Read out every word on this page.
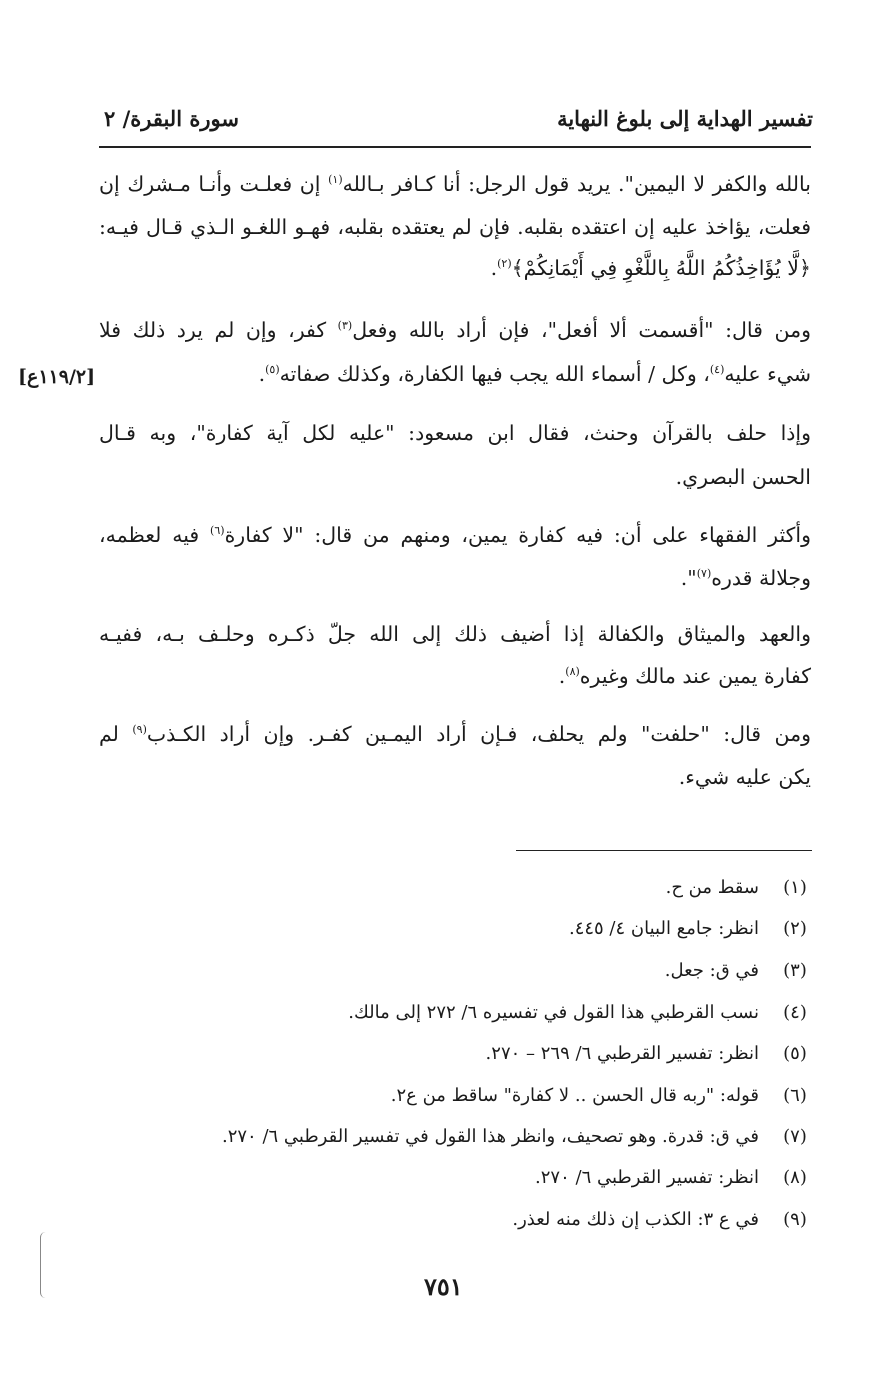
تفسير الهداية إلى بلوغ النهاية
سورة البقرة/ ٢
بالله والكفر لا اليمين". يريد قول الرجل: أنا كـافر بـالله$^{(١)}$ إن فعلـت وأنـا مـشرك إن
فعلت، يؤاخذ عليه إن اعتقده بقلبه. فإن لم يعتقده بقلبه، فهـو اللغـو الـذي قـال فيـه:
﴿لَّا يُؤَاخِذُكُمُ اللَّهُ بِاللَّغْوِ فِي أَيْمَانِكُمْ﴾$^{(٢)}$.
ومن قال: "أقسمت ألا أفعل"، فإن أراد بالله وفعل$^{(٣)}$ كفر، وإن لم يرد ذلك فلا
شيء عليه$^{(٤)}$، وكل / أسماء الله يجب فيها الكفارة، وكذلك صفاته$^{(٥)}$.
[١١٩/٢ع]
وإذا حلف بالقرآن وحنث، فقال ابن مسعود: "عليه لكل آية كفارة"، وبه قـال
الحسن البصري.
وأكثر الفقهاء على أن: فيه كفارة يمين، ومنهم من قال: "لا كفارة$^{(٦)}$ فيه لعظمه،
وجلالة قدره$^{(٧)}$".
والعهد والميثاق والكفالة إذا أضيف ذلك إلى الله جلّ ذكـره وحلـف بـه، ففيـه
كفارة يمين عند مالك وغيره$^{(٨)}$.
ومن قال: "حلفت" ولم يحلف، فـإن أراد اليمـين كفـر. وإن أراد الكـذب$^{(٩)}$ لم
يكن عليه شيء.
(١)
سقط من ح.
(٢)
انظر: جامع البيان ٤/ ٤٤٥.
(٣)
في ق: جعل.
(٤)
نسب القرطبي هذا القول في تفسيره ٦/ ٢٧٢ إلى مالك.
(٥)
انظر: تفسير القرطبي ٦/ ٢٦٩ – ٢٧٠.
(٦)
قوله: "ربه قال الحسن .. لا كفارة" ساقط من ع٢.
(٧)
في ق: قدرة. وهو تصحيف، وانظر هذا القول في تفسير القرطبي ٦/ ٢٧٠.
(٨)
انظر: تفسير القرطبي ٦/ ٢٧٠.
(٩)
في ع ٣: الكذب إن ذلك منه لعذر.
٧٥١
